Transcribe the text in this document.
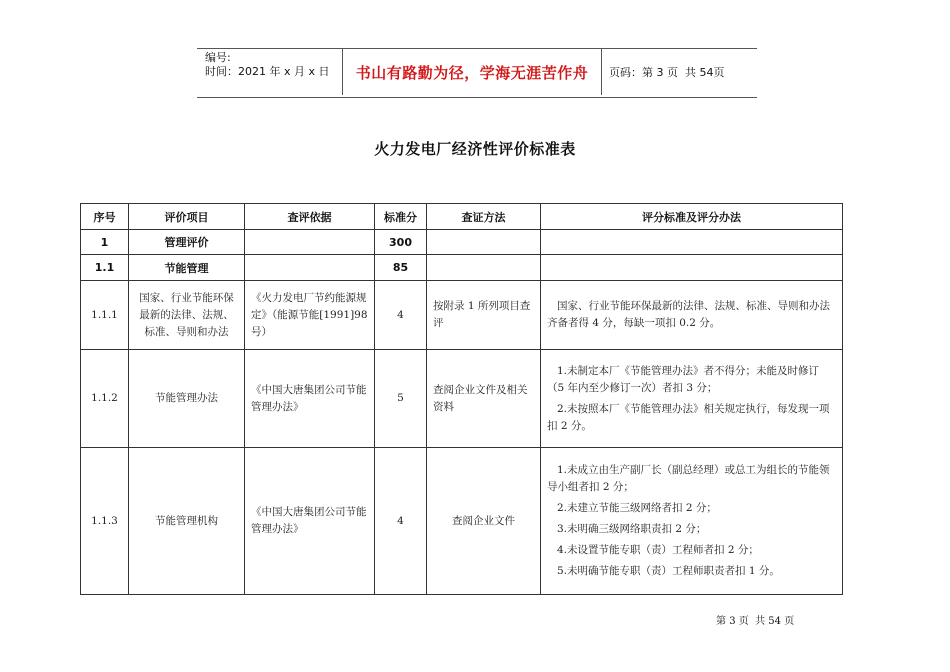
编号:
时间：2021 年 x 月 x 日	书山有路勤为径，学海无涯苦作舟	页码：第
3
页  共
54 页
火力发电厂经济性评价标准表
序号	评价项目	查评依据	标准分	查证方法	评分标准及评分办法
1	管理评价		300		
1.1	节能管理		85		
1.1.1	国家、行业节能环保最新的法律、法规、标准、导则和办法	《火力发电厂节约能源规定》（能源节能[1991]98 号）	4	按附录 1 所列项目查评	国家、行业节能环保最新的法律、法规、标准、导则和办法齐备者得 4 分，每缺一项扣 0.2 分。

1.1.2	节能管理办法	《中国大唐集团公司节能管理办法》	5	查阅企业文件及相关资料	1.未制定本厂《节能管理办法》者不得分；未能及时修订（5 年内至少修订一次）者扣 3 分；

2.未按照本厂《节能管理办法》相关规定执行，每发现一项扣 2 分。

1.1.3	节能管理机构	《中国大唐集团公司节能管理办法》	4	查阅企业文件	1.未成立由生产副厂长（副总经理）或总工为组长的节能领导小组者扣 2 分；

2.未建立节能三级网络者扣 2 分；

3.未明确三级网络职责扣 2 分；

4.未设置节能专职（责）工程师者扣 2 分；

5.未明确节能专职（责）工程师职责者扣 1 分。

第 3 页  共 54 页
